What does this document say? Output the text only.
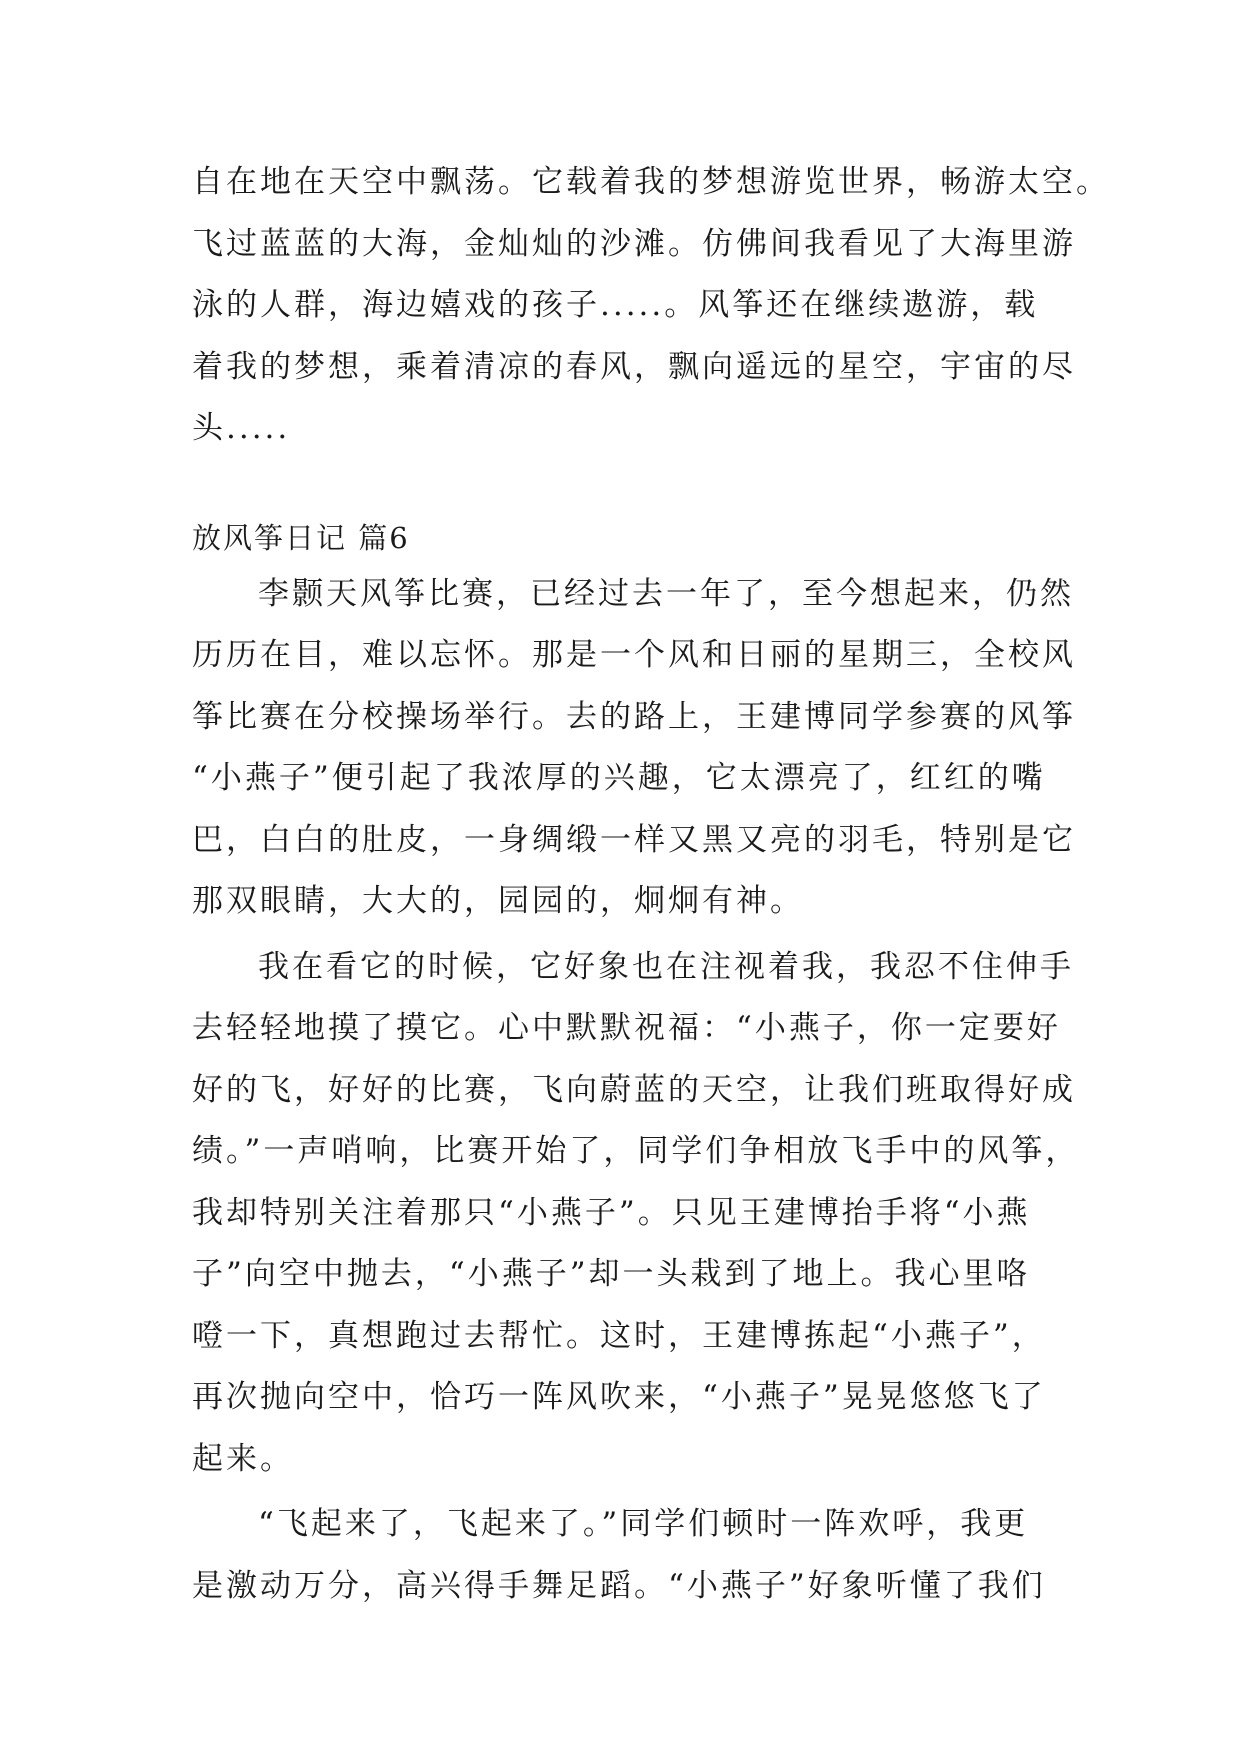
自在地在天空中飘荡。它载着我的梦想游览世界，畅游太空。
飞过蓝蓝的大海，金灿灿的沙滩。仿佛间我看见了大海里游
泳的人群，海边嬉戏的孩子.....。风筝还在继续遨游，载
着我的梦想，乘着清凉的春风，飘向遥远的星空，宇宙的尽
头.....
放风筝日记 篇6
李颢天风筝比赛，已经过去一年了，至今想起来，仍然
历历在目，难以忘怀。那是一个风和日丽的星期三，全校风
筝比赛在分校操场举行。去的路上，王建博同学参赛的风筝
“小燕子”便引起了我浓厚的兴趣，它太漂亮了，红红的嘴
巴，白白的肚皮，一身绸缎一样又黑又亮的羽毛，特别是它
那双眼睛，大大的，园园的，炯炯有神。
我在看它的时候，它好象也在注视着我，我忍不住伸手
去轻轻地摸了摸它。心中默默祝福：“小燕子，你一定要好
好的飞，好好的比赛，飞向蔚蓝的天空，让我们班取得好成
绩。”一声哨响，比赛开始了，同学们争相放飞手中的风筝，
我却特别关注着那只“小燕子”。只见王建博抬手将“小燕
子”向空中抛去，“小燕子”却一头栽到了地上。我心里咯
噔一下，真想跑过去帮忙。这时，王建博拣起“小燕子”，
再次抛向空中，恰巧一阵风吹来，“小燕子”晃晃悠悠飞了
起来。
“飞起来了，飞起来了。”同学们顿时一阵欢呼，我更
是激动万分，高兴得手舞足蹈。“小燕子”好象听懂了我们
